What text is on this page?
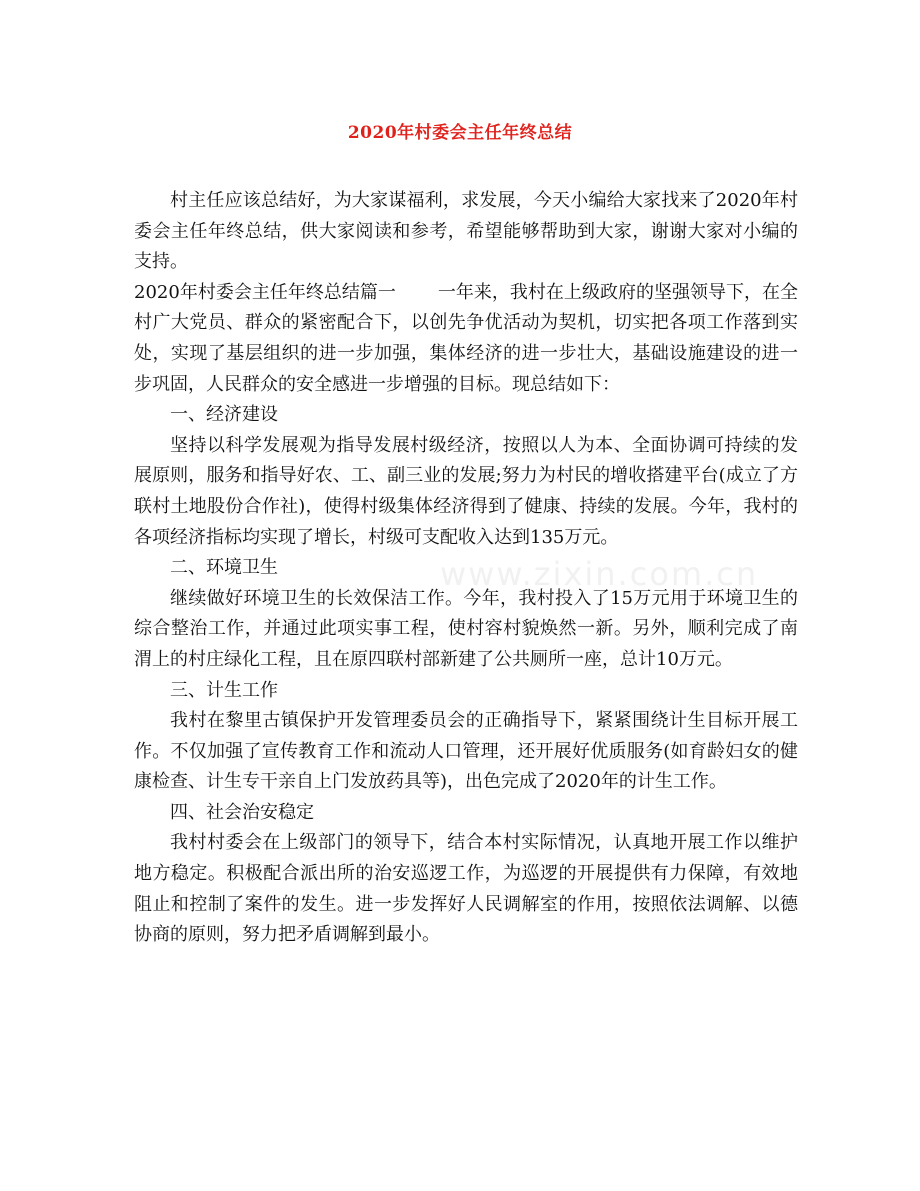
www.zixin.com.cn
2020年村委会主任年终总结

村主任应该总结好，为大家谋福利，求发展，今天小编给大家找来了2020年村委会主任年终总结，供大家阅读和参考，希望能够帮助到大家，谢谢大家对小编的支持。

2020年村委会主任年终总结篇一 一年来，我村在上级政府的坚强领导下，在全村广大党员、群众的紧密配合下，以创先争优活动为契机，切实把各项工作落到实处，实现了基层组织的进一步加强，集体经济的进一步壮大，基础设施建设的进一步巩固，人民群众的安全感进一步增强的目标。现总结如下：

一、经济建设

坚持以科学发展观为指导发展村级经济，按照以人为本、全面协调可持续的发展原则，服务和指导好农、工、副三业的发展;努力为村民的增收搭建平台(成立了方联村土地股份合作社)，使得村级集体经济得到了健康、持续的发展。今年，我村的各项经济指标均实现了增长，村级可支配收入达到135万元。

二、环境卫生

继续做好环境卫生的长效保洁工作。今年，我村投入了15万元用于环境卫生的综合整治工作，并通过此项实事工程，使村容村貌焕然一新。另外，顺利完成了南渭上的村庄绿化工程，且在原四联村部新建了公共厕所一座，总计10万元。

三、计生工作

我村在黎里古镇保护开发管理委员会的正确指导下，紧紧围绕计生目标开展工作。不仅加强了宣传教育工作和流动人口管理，还开展好优质服务(如育龄妇女的健康检查、计生专干亲自上门发放药具等)，出色完成了2020年的计生工作。

四、社会治安稳定

我村村委会在上级部门的领导下，结合本村实际情况，认真地开展工作以维护地方稳定。积极配合派出所的治安巡逻工作，为巡逻的开展提供有力保障，有效地阻止和控制了案件的发生。进一步发挥好人民调解室的作用，按照依法调解、以德协商的原则，努力把矛盾调解到最小。
